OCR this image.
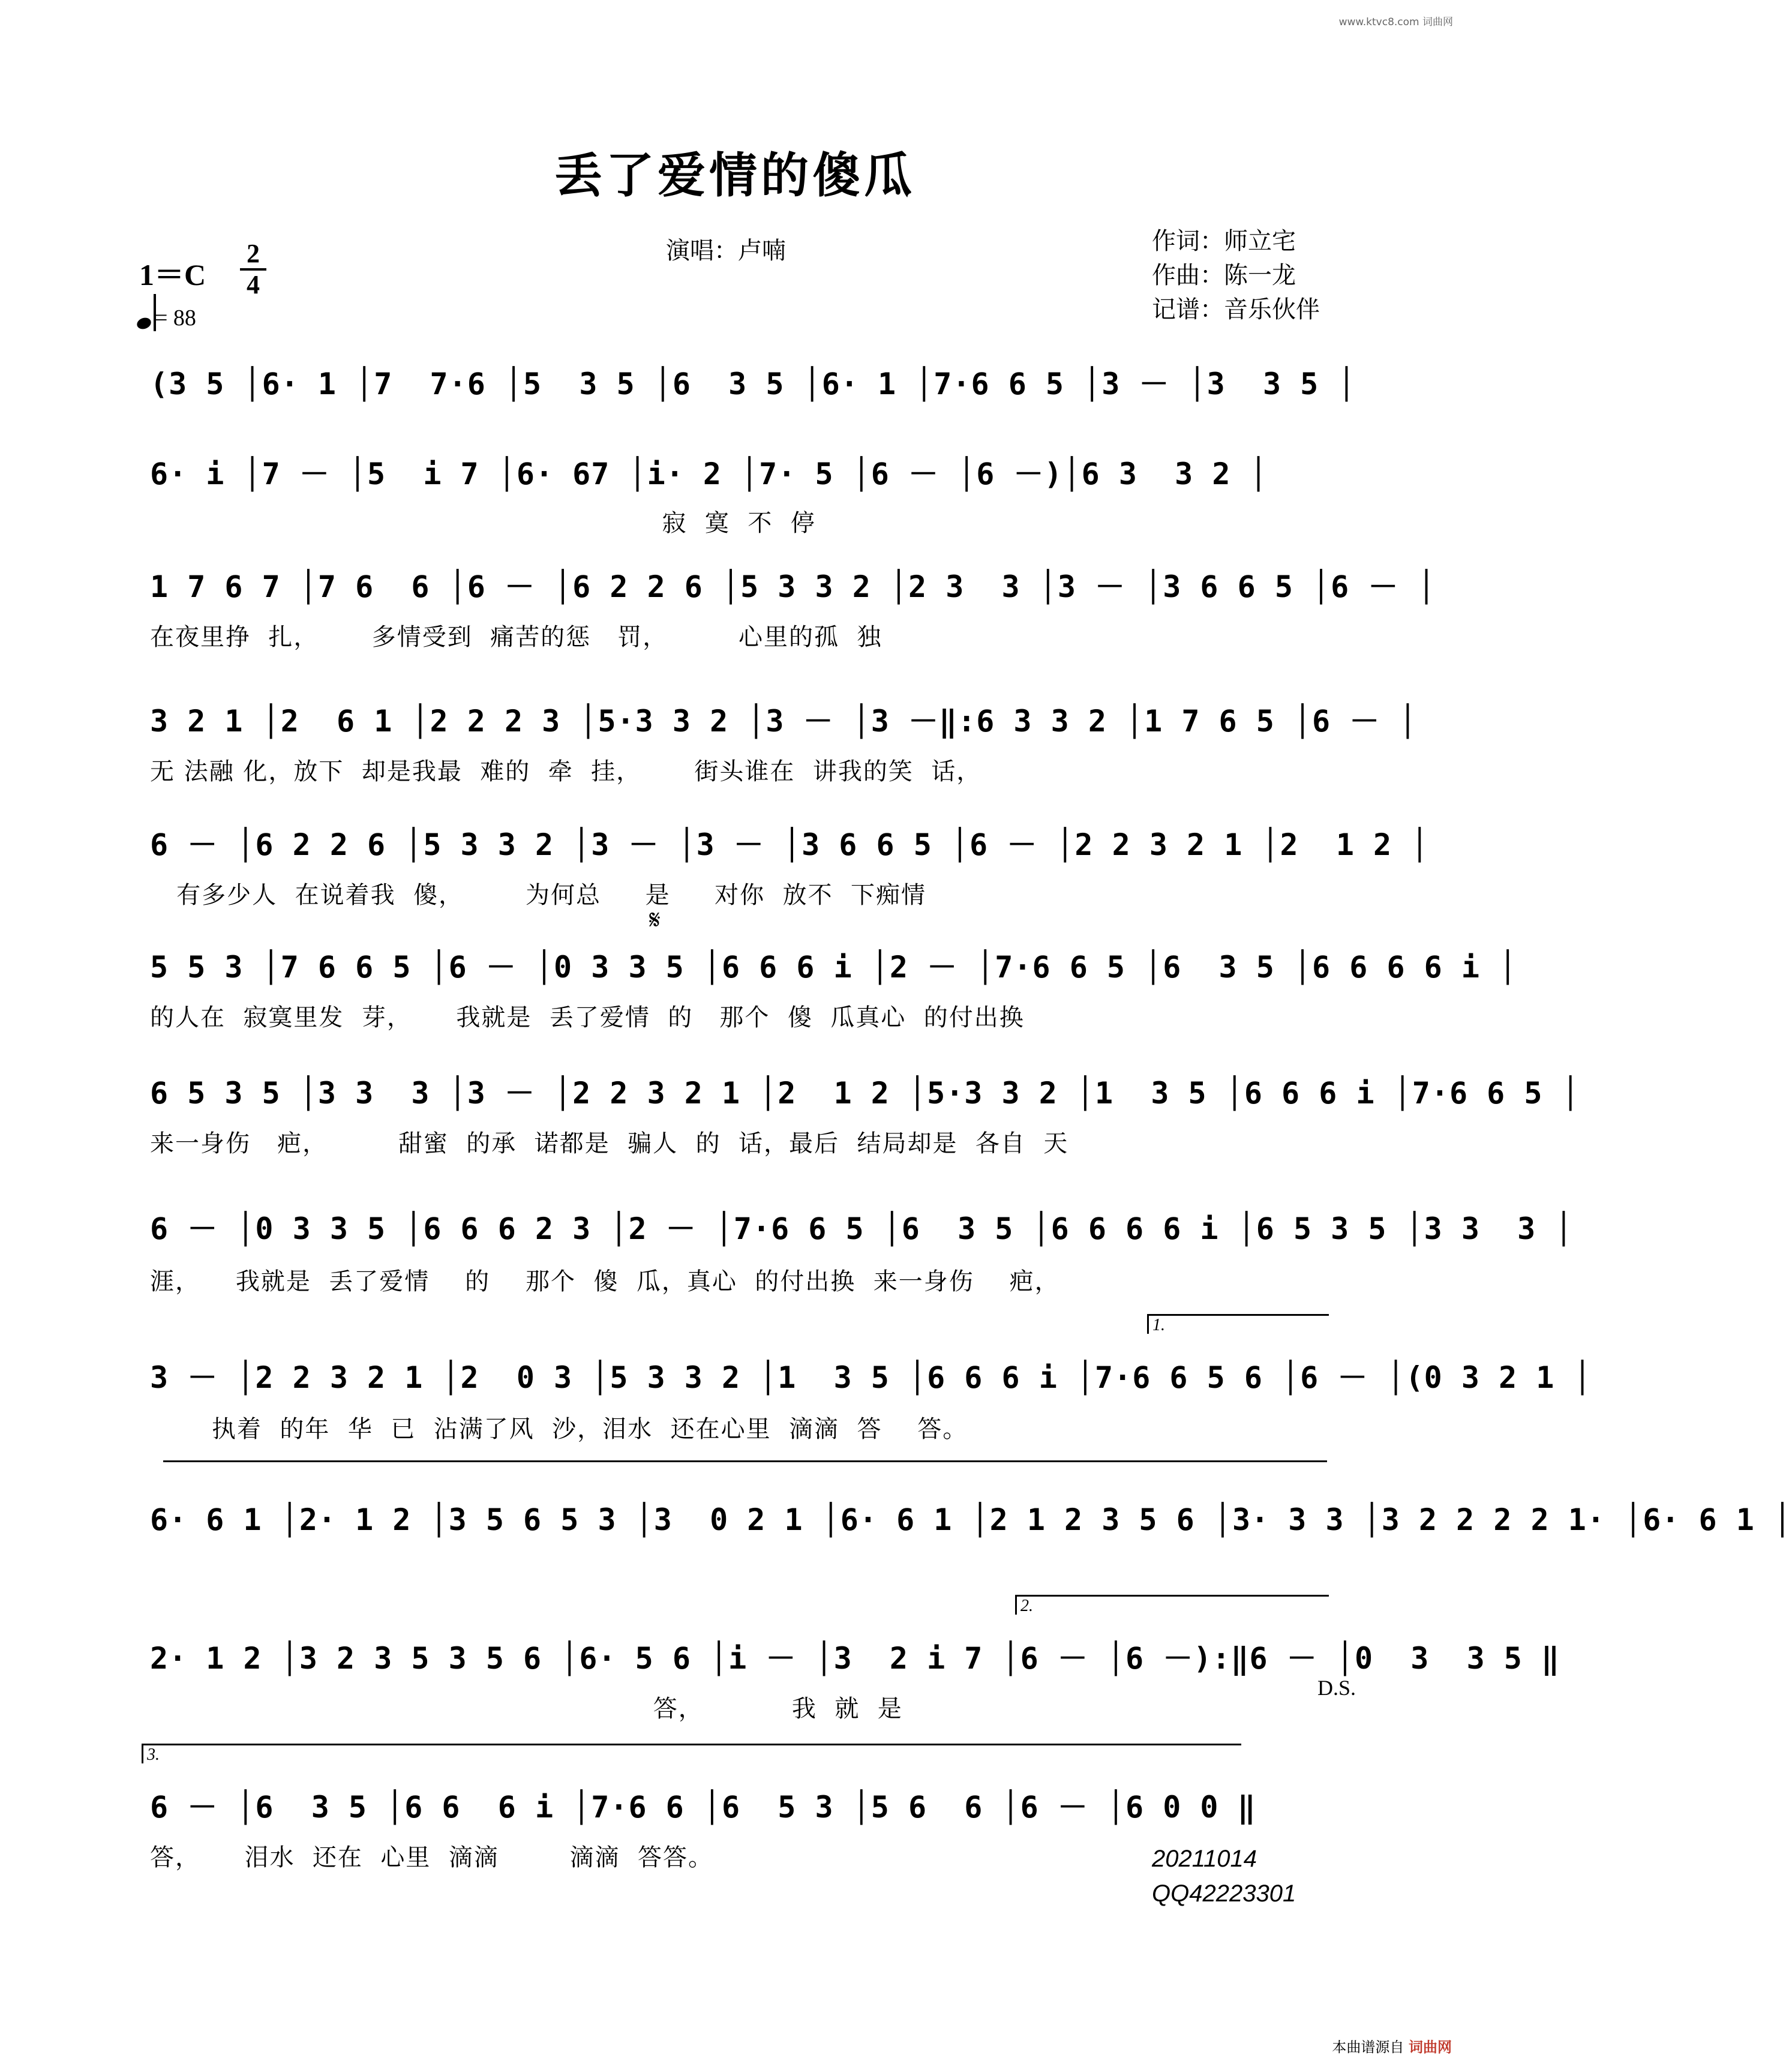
www.ktvc8.com 词曲网
丢了爱情的傻瓜
演唱：卢喃	作词：师立宅
作曲：陈一龙
记谱：音乐伙伴
1＝C
2
4
= 88
(3 5 │6· 1 │7  7·6 │5  3 5 │6  3 5 │6· 1 │7·6 6 5 │3 － │3  3 5 │
6· i │7 － │5  i 7 │6· 67 │i· 2 │7· 5 │6 － │6 －)│6 3  3 2 │
寂  寞  不  停
1 7 6 7 │7 6  6 │6 － │6 2 2 6 │5 3 3 2 │2 3  3 │3 － │3 6 6 5 │6 － │
在夜里挣  扎，      多情受到  痛苦的惩   罚，        心里的孤  独
3 2 1 │2  6 1 │2 2 2 3 │5·3 3 2 │3 － │3 －‖:6 3 3 2 │1 7 6 5 │6 － │
无 法融 化，放下  却是我最  难的  牵  挂，      街头谁在  讲我的笑  话，
6 － │6 2 2 6 │5 3 3 2 │3 － │3 － │3 6 6 5 │6 － │2 2 3 2 1 │2  1 2 │
有多少人  在说着我  傻，       为何总     是     对你  放不  下痴情
𝄋
5 5 3 │7 6 6 5 │6 － │0 3 3 5 │6 6 6 i │2 － │7·6 6 5 │6  3 5 │6 6 6 6 i │
的人在  寂寞里发  芽，     我就是  丢了爱情  的   那个  傻  瓜真心  的付出换
6 5 3 5 │3 3  3 │3 － │2 2 3 2 1 │2  1 2 │5·3 3 2 │1  3 5 │6 6 6 i │7·6 6 5 │
来一身伤   疤，        甜蜜  的承  诺都是  骗人  的  话，最后  结局却是  各自  天
6 － │0 3 3 5 │6 6 6 2 3 │2 － │7·6 6 5 │6  3 5 │6 6 6 6 i │6 5 3 5 │3 3  3 │
涯，    我就是  丢了爱情    的    那个  傻  瓜，真心  的付出换  来一身伤    疤，
1.
3 － │2 2 3 2 1 │2  0 3 │5 3 3 2 │1  3 5 │6 6 6 i │7·6 6 5 6 │6 － │(0 3 2 1 │
执着  的年  华  已  沾满了风  沙，泪水  还在心里  滴滴  答    答。
6· 6 1 │2· 1 2 │3 5 6 5 3 │3  0 2 1 │6· 6 1 │2 1 2 3 5 6 │3· 3 3 │3 2 2 2 2 1· │6· 6 1 │
2.
2· 1 2 │3 2 3 5 3 5 6 │6· 5 6 │i － │3  2 i 7 │6 － │6 －):‖6 － │0  3  3 5 ‖
答，          我  就  是
D.S.
3.
6 － │6  3 5 │6 6  6 i │7·6 6 │6  5 3 │5 6  6 │6 － │6 0 0 ‖
答，     泪水  还在  心里  滴滴        滴滴  答答。	20211014
QQ42223301
本曲谱源自 词曲网
